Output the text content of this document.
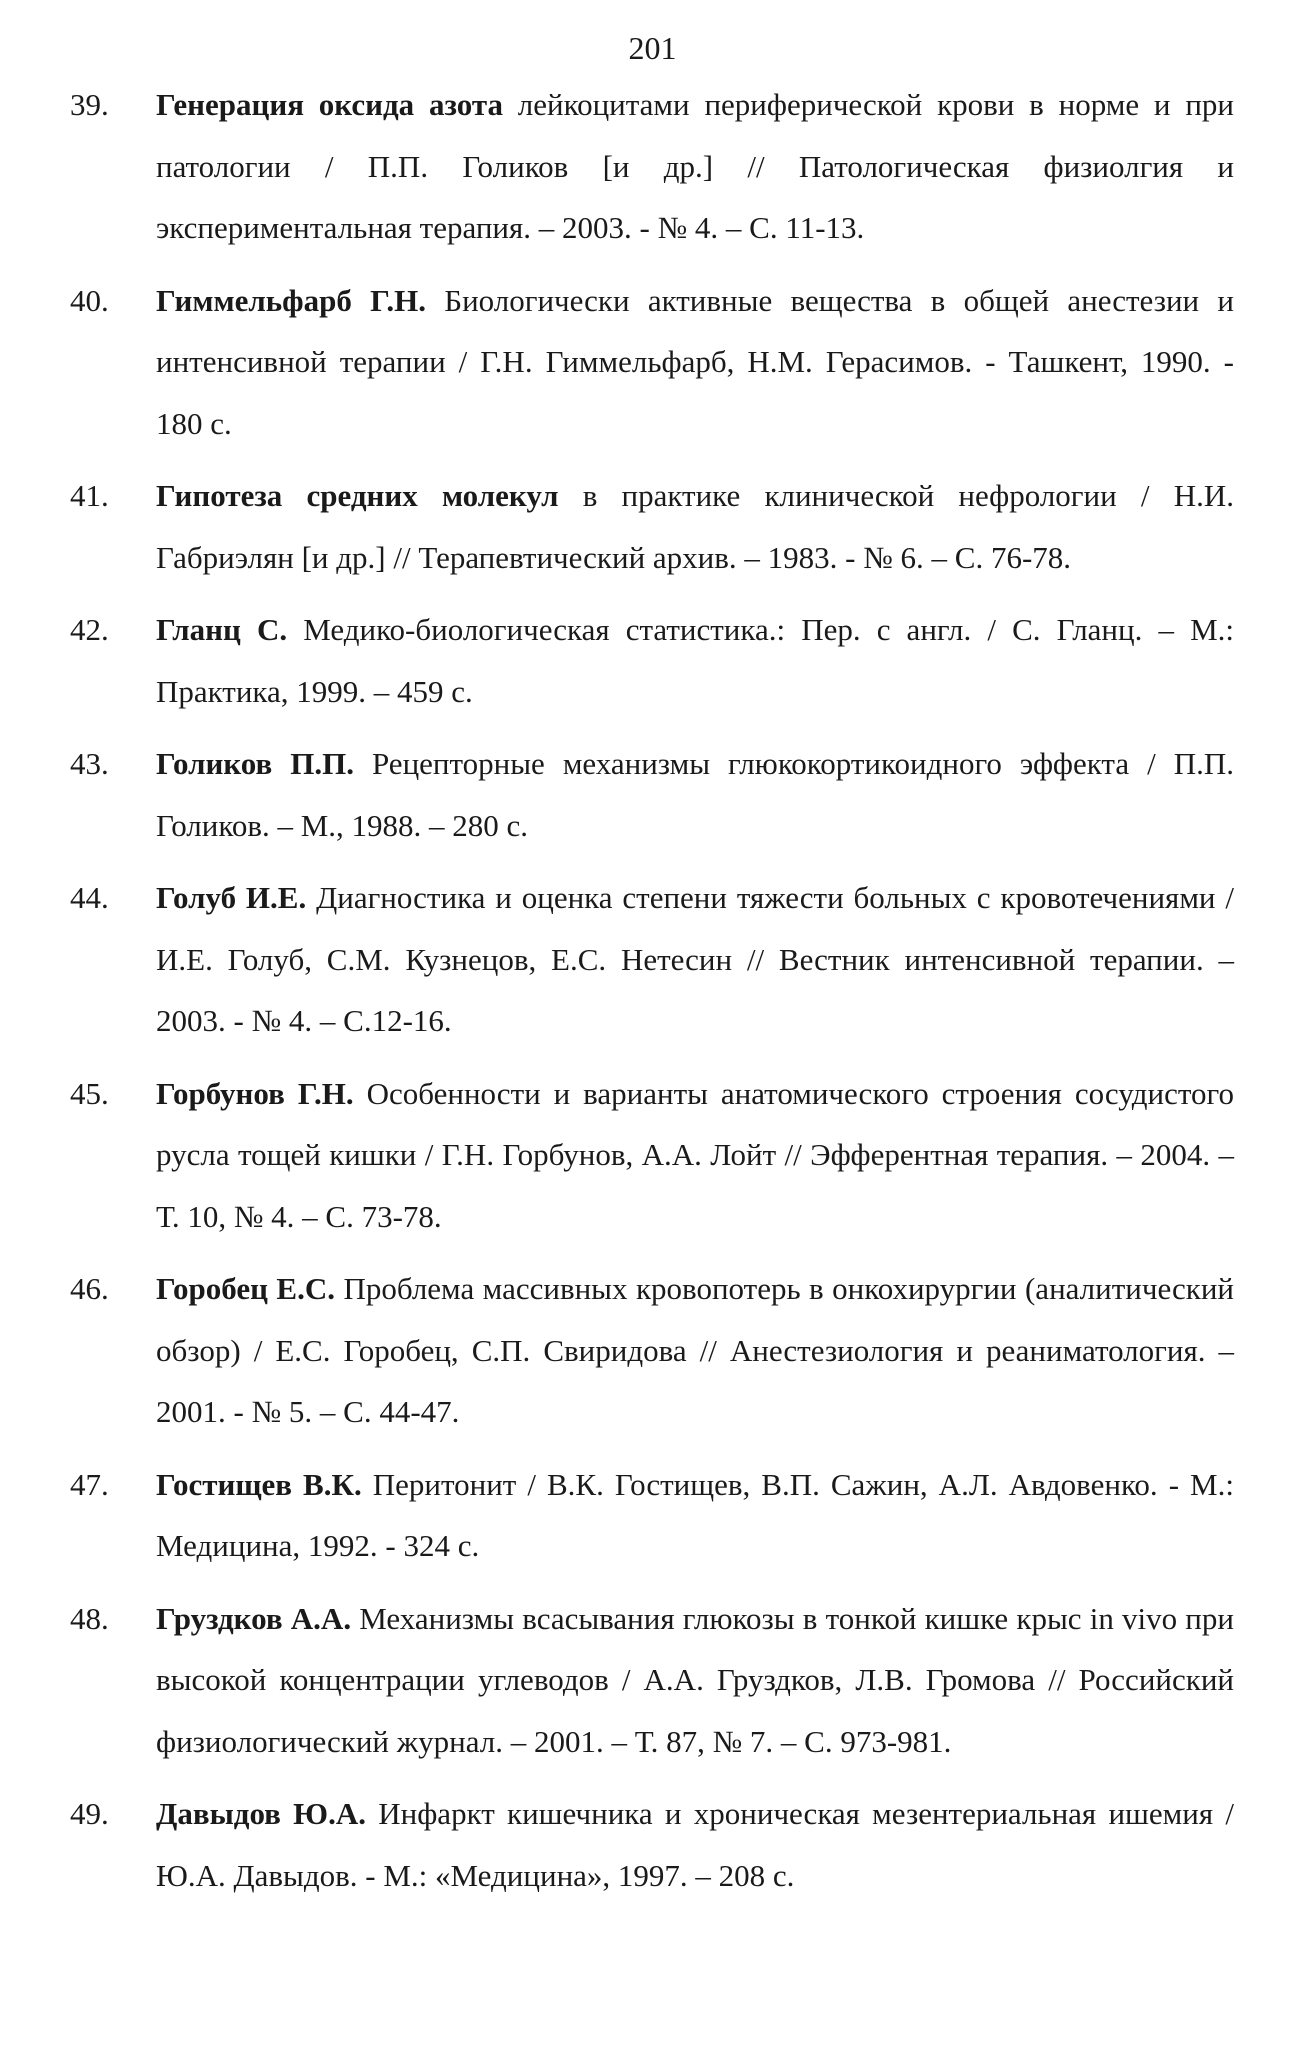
201
39. Генерация оксида азота лейкоцитами периферической крови в норме и при патологии / П.П. Голиков [и др.] // Патологическая физиолгия и экспериментальная терапия. – 2003. - № 4. – С. 11-13.
40. Гиммельфарб Г.Н. Биологически активные вещества в общей анестезии и интенсивной терапии / Г.Н. Гиммельфарб, Н.М. Герасимов. - Ташкент, 1990. - 180 с.
41. Гипотеза средних молекул в практике клинической нефрологии / Н.И. Габриэлян [и др.] // Терапевтический архив. – 1983. - № 6. – С. 76-78.
42. Гланц С. Медико-биологическая статистика.: Пер. с англ. / С. Гланц. – М.: Практика, 1999. – 459 с.
43. Голиков П.П. Рецепторные механизмы глюкокортикоидного эффекта / П.П. Голиков. – М., 1988. – 280 с.
44. Голуб И.Е. Диагностика и оценка степени тяжести больных с кровотечениями / И.Е. Голуб, С.М. Кузнецов, Е.С. Нетесин // Вестник интенсивной терапии. – 2003. - № 4. – С.12-16.
45. Горбунов Г.Н. Особенности и варианты анатомического строения сосудистого русла тощей кишки / Г.Н. Горбунов, А.А. Лойт // Эфферентная терапия. – 2004. – Т. 10, № 4. – С. 73-78.
46. Горобец Е.С. Проблема массивных кровопотерь в онкохирургии (аналитический обзор) / Е.С. Горобец, С.П. Свиридова // Анестезиология и реаниматология. – 2001. - № 5. – С. 44-47.
47. Гостищев В.К. Перитонит / В.К. Гостищев, В.П. Сажин, А.Л. Авдовенко. - М.: Медицина, 1992. - 324 с.
48. Груздков А.А. Механизмы всасывания глюкозы в тонкой кишке крыс in vivo при высокой концентрации углеводов / А.А. Груздков, Л.В. Громова // Российский физиологический журнал. – 2001. – Т. 87, № 7. – С. 973-981.
49. Давыдов Ю.А. Инфаркт кишечника и хроническая мезентериальная ишемия / Ю.А. Давыдов. - М.: «Медицина», 1997. – 208 с.
